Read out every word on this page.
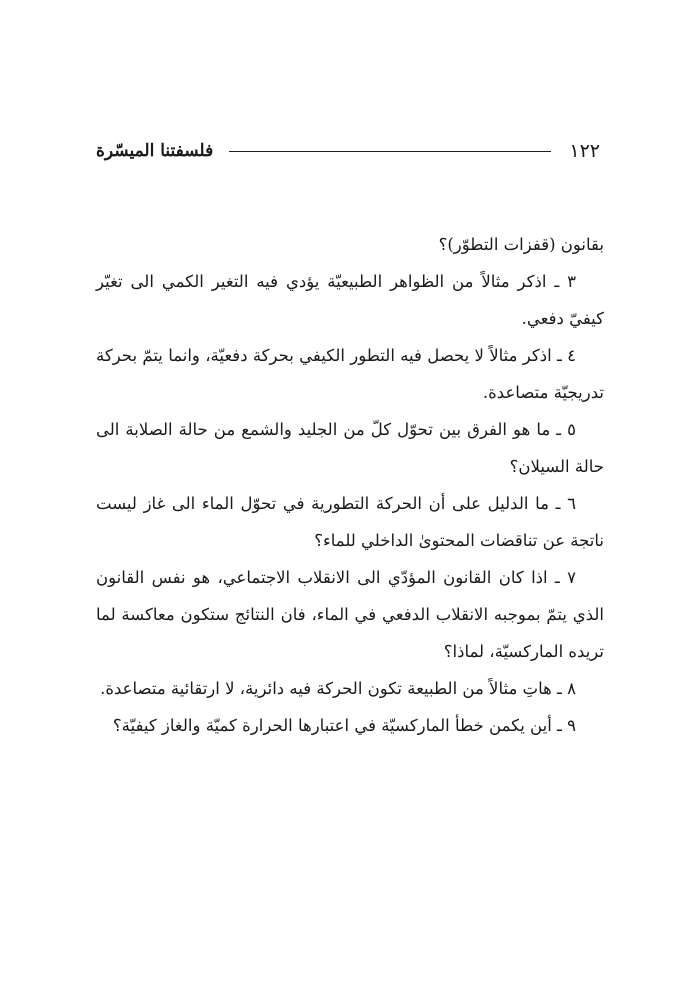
١٢٢
فلسفتنا الميسّرة

بقانون (قفزات التطوّر)؟

٣ ـ اذكر مثالاً من الظواهر الطبيعيّة يؤدي فيه التغير الكمي الى تغيّر كيفيّ دفعي.

٤ ـ اذكر مثالاً لا يحصل فيه التطور الكيفي بحركة دفعيّة، وانما يتمّ بحركة تدريجيّة متصاعدة.

٥ ـ ما هو الفرق بين تحوّل كلّ من الجليد والشمع من حالة الصلابة الى حالة السيلان؟

٦ ـ ما الدليل على أن الحركة التطورية في تحوّل الماء الى غاز ليست ناتجة عن تناقضات المحتوىٰ الداخلي للماء؟

٧ ـ اذا كان القانون المؤدّي الى الانقلاب الاجتماعي، هو نفس القانون الذي يتمّ بموجبه الانقلاب الدفعي في الماء، فان النتائج ستكون معاكسة لما تريده الماركسيّة، لماذا؟

٨ ـ هاتِ مثالاً من الطبيعة تكون الحركة فيه دائرية، لا ارتقائية متصاعدة.

٩ ـ أين يكمن خطأ الماركسيّة في اعتبارها الحرارة كميّة والغاز كيفيّة؟
